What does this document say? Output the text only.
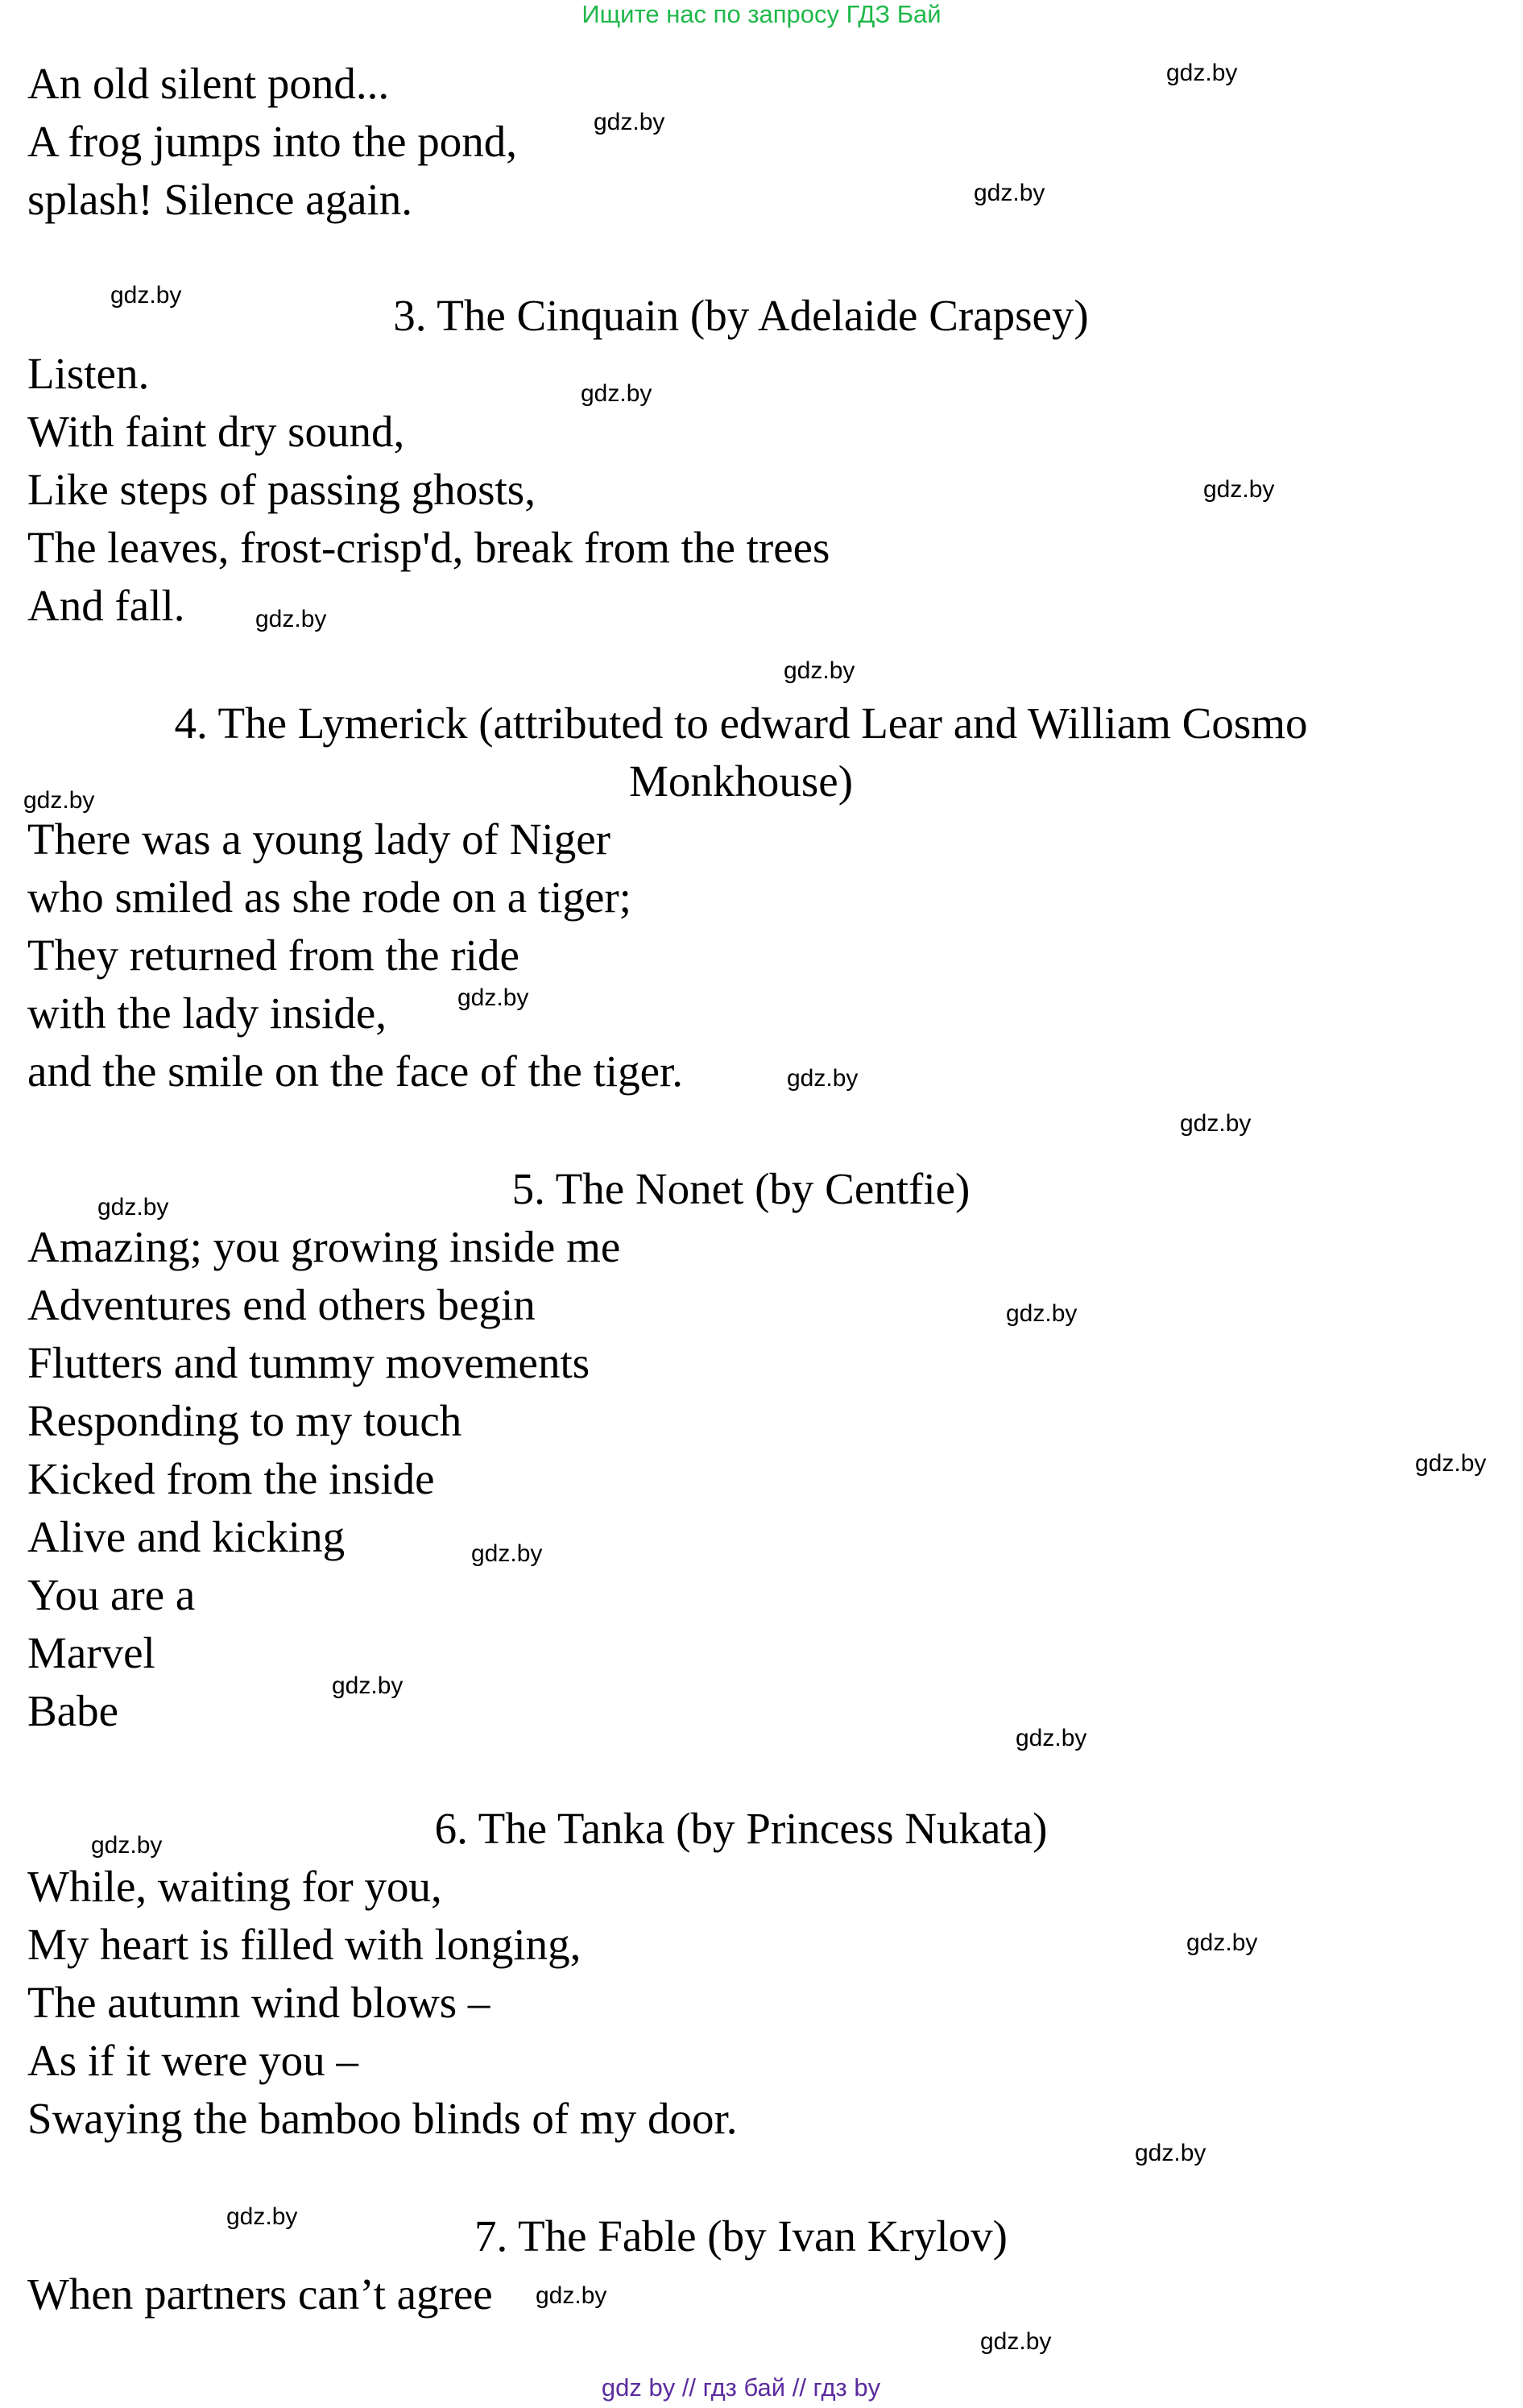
Ищите нас по запросу ГДЗ Бай
An old silent pond...
A frog jumps into the pond,
splash! Silence again.
3. The Cinquain (by Adelaide Crapsey)
Listen.
With faint dry sound,
Like steps of passing ghosts,
The leaves, frost-crisp'd, break from the trees
And fall.
4. The Lymerick (attributed to edward Lear and William Cosmo
Monkhouse)
There was a young lady of Niger
who smiled as she rode on a tiger;
They returned from the ride
with the lady inside,
and the smile on the face of the tiger.
5. The Nonet (by Centfie)
Amazing; you growing inside me
Adventures end others begin
Flutters and tummy movements
Responding to my touch
Kicked from the inside
Alive and kicking
You are a
Marvel
Babe
6. The Tanka (by Princess Nukata)
While, waiting for you,
My heart is filled with longing,
The autumn wind blows –
As if it were you –
Swaying the bamboo blinds of my door.
7. The Fable (by Ivan Krylov)
When partners can’t agree
gdz.by
gdz.by
gdz.by
gdz.by
gdz.by
gdz.by
gdz.by
gdz.by
gdz.by
gdz.by
gdz.by
gdz.by
gdz.by
gdz.by
gdz.by
gdz.by
gdz.by
gdz.by
gdz.by
gdz.by
gdz.by
gdz.by
gdz.by
gdz.by
gdz by // гдз бай // гдз by
